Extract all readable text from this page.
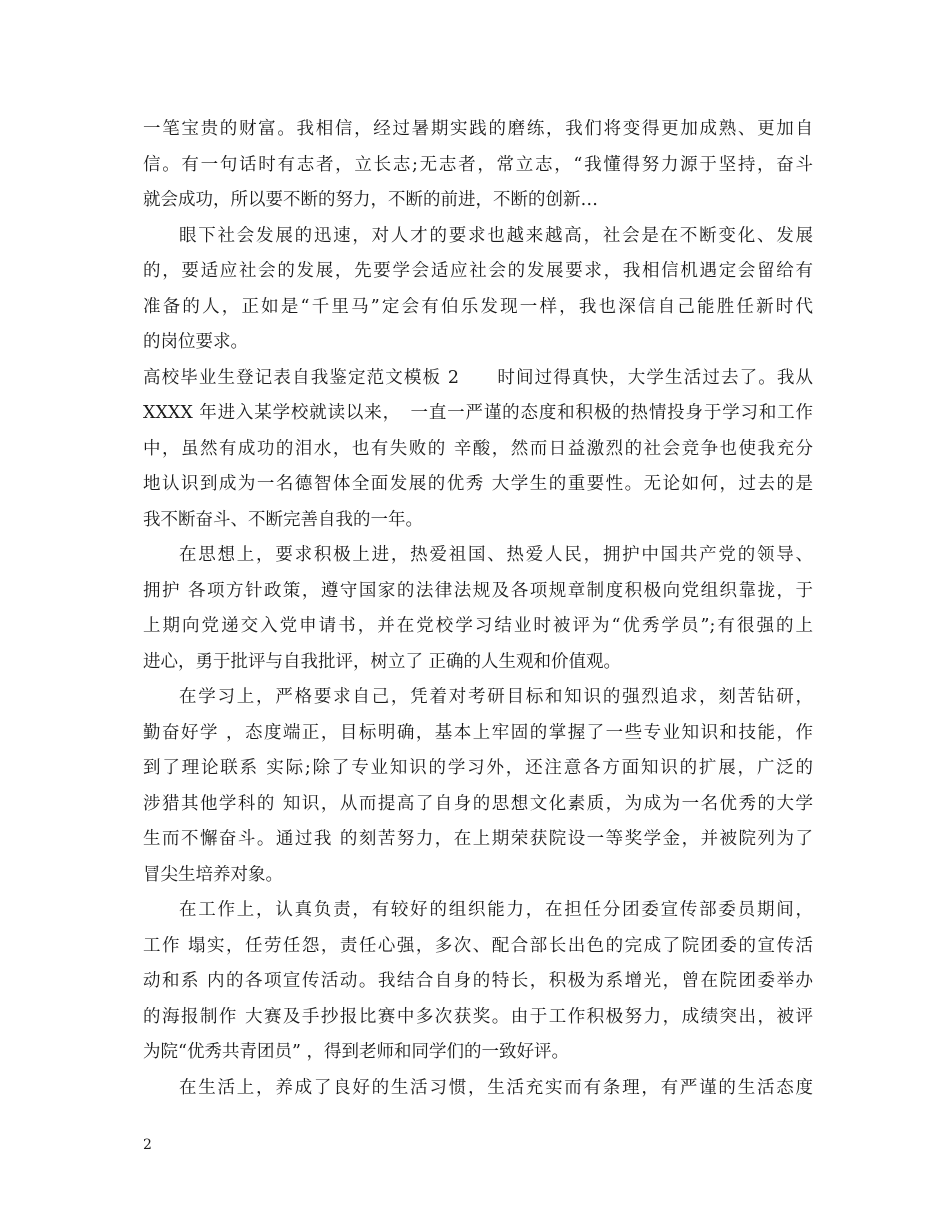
一笔宝贵的财富。我相信，经过暑期实践的磨练，我们将变得更加成熟、更加自
信。有一句话时有志者，立长志;无志者，常立志，“我懂得努力源于坚持，奋斗
就会成功，所以要不断的努力，不断的前进，不断的创新…
眼下社会发展的迅速，对人才的要求也越来越高，社会是在不断变化、发展
的，要适应社会的发展，先要学会适应社会的发展要求，我相信机遇定会留给有
准备的人，正如是“千里马”定会有伯乐发现一样，我也深信自己能胜任新时代
的岗位要求。
高校毕业生登记表自我鉴定范文模板 2　　时间过得真快，大学生活过去了。我从
XXXX 年进入某学校就读以来，　一直一严谨的态度和积极的热情投身于学习和工作
中，虽然有成功的泪水，也有失败的 辛酸，然而日益激烈的社会竞争也使我充分
地认识到成为一名德智体全面发展的优秀 大学生的重要性。无论如何，过去的是
我不断奋斗、不断完善自我的一年。
在思想上，要求积极上进，热爱祖国、热爱人民，拥护中国共产党的领导、
拥护 各项方针政策，遵守国家的法律法规及各项规章制度积极向党组织靠拢，于
上期向党递交入党申请书，并在党校学习结业时被评为“优秀学员”;有很强的上
进心，勇于批评与自我批评，树立了 正确的人生观和价值观。
在学习上，严格要求自己，凭着对考研目标和知识的强烈追求，刻苦钻研，
勤奋好学 ，态度端正，目标明确，基本上牢固的掌握了一些专业知识和技能，作
到了理论联系 实际;除了专业知识的学习外，还注意各方面知识的扩展，广泛的
涉猎其他学科的 知识，从而提高了自身的思想文化素质，为成为一名优秀的大学
生而不懈奋斗。通过我 的刻苦努力，在上期荣获院设一等奖学金，并被院列为了
冒尖生培养对象。
在工作上，认真负责，有较好的组织能力，在担任分团委宣传部委员期间，
工作 塌实，任劳任怨，责任心强，多次、配合部长出色的完成了院团委的宣传活
动和系 内的各项宣传活动。我结合自身的特长，积极为系增光，曾在院团委举办
的海报制作 大赛及手抄报比赛中多次获奖。由于工作积极努力，成绩突出，被评
为院“优秀共青团员” ，得到老师和同学们的一致好评。
在生活上，养成了良好的生活习惯，生活充实而有条理，有严谨的生活态度
2
